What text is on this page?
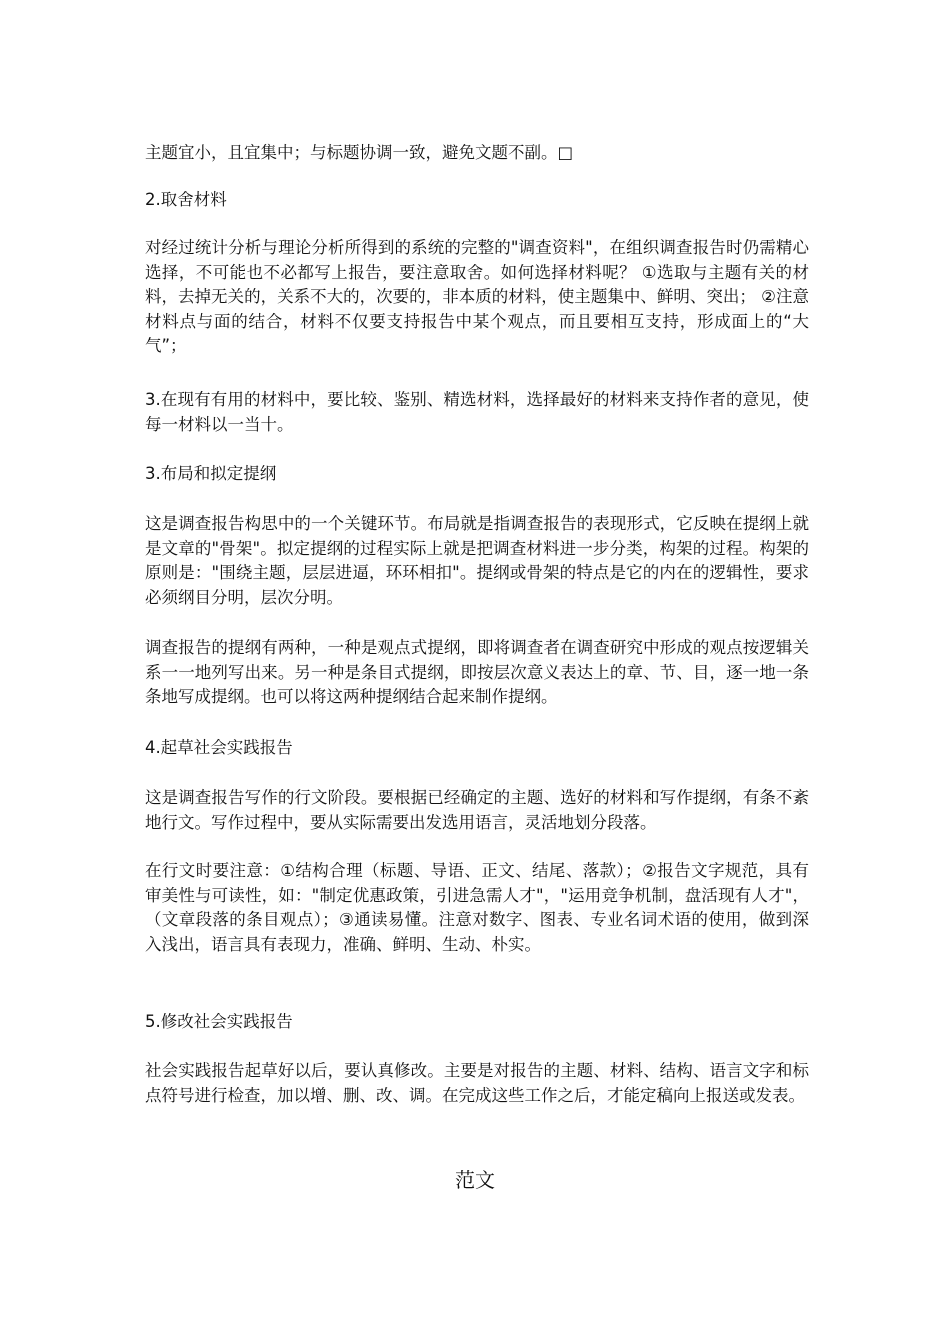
主题宜小，且宜集中；与标题协调一致，避免文题不副。□

2.取舍材料

对经过统计分析与理论分析所得到的系统的完整的"调查资料"，在组织调查报告时仍需精心选择，不可能也不必都写上报告，要注意取舍。如何选择材料呢？ ①选取与主题有关的材料，去掉无关的，关系不大的，次要的，非本质的材料，使主题集中、鲜明、突出； ②注意材料点与面的结合，材料不仅要支持报告中某个观点，而且要相互支持，形成面上的“大气”；

3.在现有有用的材料中，要比较、鉴别、精选材料，选择最好的材料来支持作者的意见，使每一材料以一当十。

3.布局和拟定提纲

这是调查报告构思中的一个关键环节。布局就是指调查报告的表现形式，它反映在提纲上就是文章的"骨架"。拟定提纲的过程实际上就是把调查材料进一步分类，构架的过程。构架的原则是："围绕主题，层层进逼，环环相扣"。提纲或骨架的特点是它的内在的逻辑性，要求必须纲目分明，层次分明。

调查报告的提纲有两种，一种是观点式提纲，即将调查者在调查研究中形成的观点按逻辑关系一一地列写出来。另一种是条目式提纲，即按层次意义表达上的章、节、目，逐一地一条条地写成提纲。也可以将这两种提纲结合起来制作提纲。

4.起草社会实践报告

这是调查报告写作的行文阶段。要根据已经确定的主题、选好的材料和写作提纲，有条不紊地行文。写作过程中，要从实际需要出发选用语言，灵活地划分段落。

在行文时要注意：①结构合理（标题、导语、正文、结尾、落款）；②报告文字规范，具有审美性与可读性，如："制定优惠政策，引进急需人才"，"运用竞争机制，盘活现有人才"，（文章段落的条目观点）；③通读易懂。注意对数字、图表、专业名词术语的使用，做到深入浅出，语言具有表现力，准确、鲜明、生动、朴实。

5.修改社会实践报告

社会实践报告起草好以后，要认真修改。主要是对报告的主题、材料、结构、语言文字和标点符号进行检查，加以增、删、改、调。在完成这些工作之后，才能定稿向上报送或发表。

范文
